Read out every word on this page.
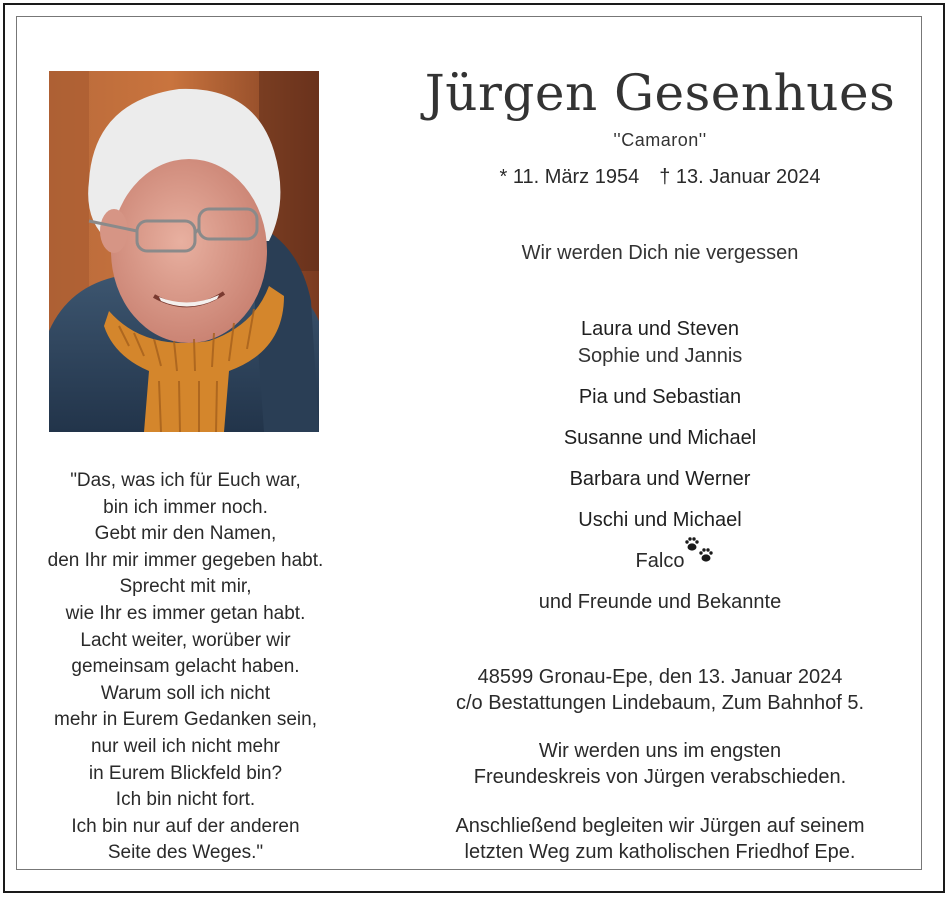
"Das, was ich für Euch war,
bin ich immer noch.
Gebt mir den Namen,
den Ihr mir immer gegeben habt.
Sprecht mit mir,
wie Ihr es immer getan habt.
Lacht weiter, worüber wir
gemeinsam gelacht haben.
Warum soll ich nicht
mehr in Eurem Gedanken sein,
nur weil ich nicht mehr
in Eurem Blickfeld bin?
Ich bin nicht fort.
Ich bin nur auf der anderen
Seite des Weges."
Jürgen Gesenhues
''Camaron''
* 11. März 1954 † 13. Januar 2024
Wir werden Dich nie vergessen
Laura und Steven
Sophie und Jannis
Pia und Sebastian
Susanne und Michael
Barbara und Werner
Uschi und Michael
Falco
und Freunde und Bekannte
48599 Gronau-Epe, den 13. Januar 2024
c/o Bestattungen Lindebaum, Zum Bahnhof 5.
Wir werden uns im engsten
Freundeskreis von Jürgen verabschieden.
Anschließend begleiten wir Jürgen auf seinem
letzten Weg zum katholischen Friedhof Epe.
